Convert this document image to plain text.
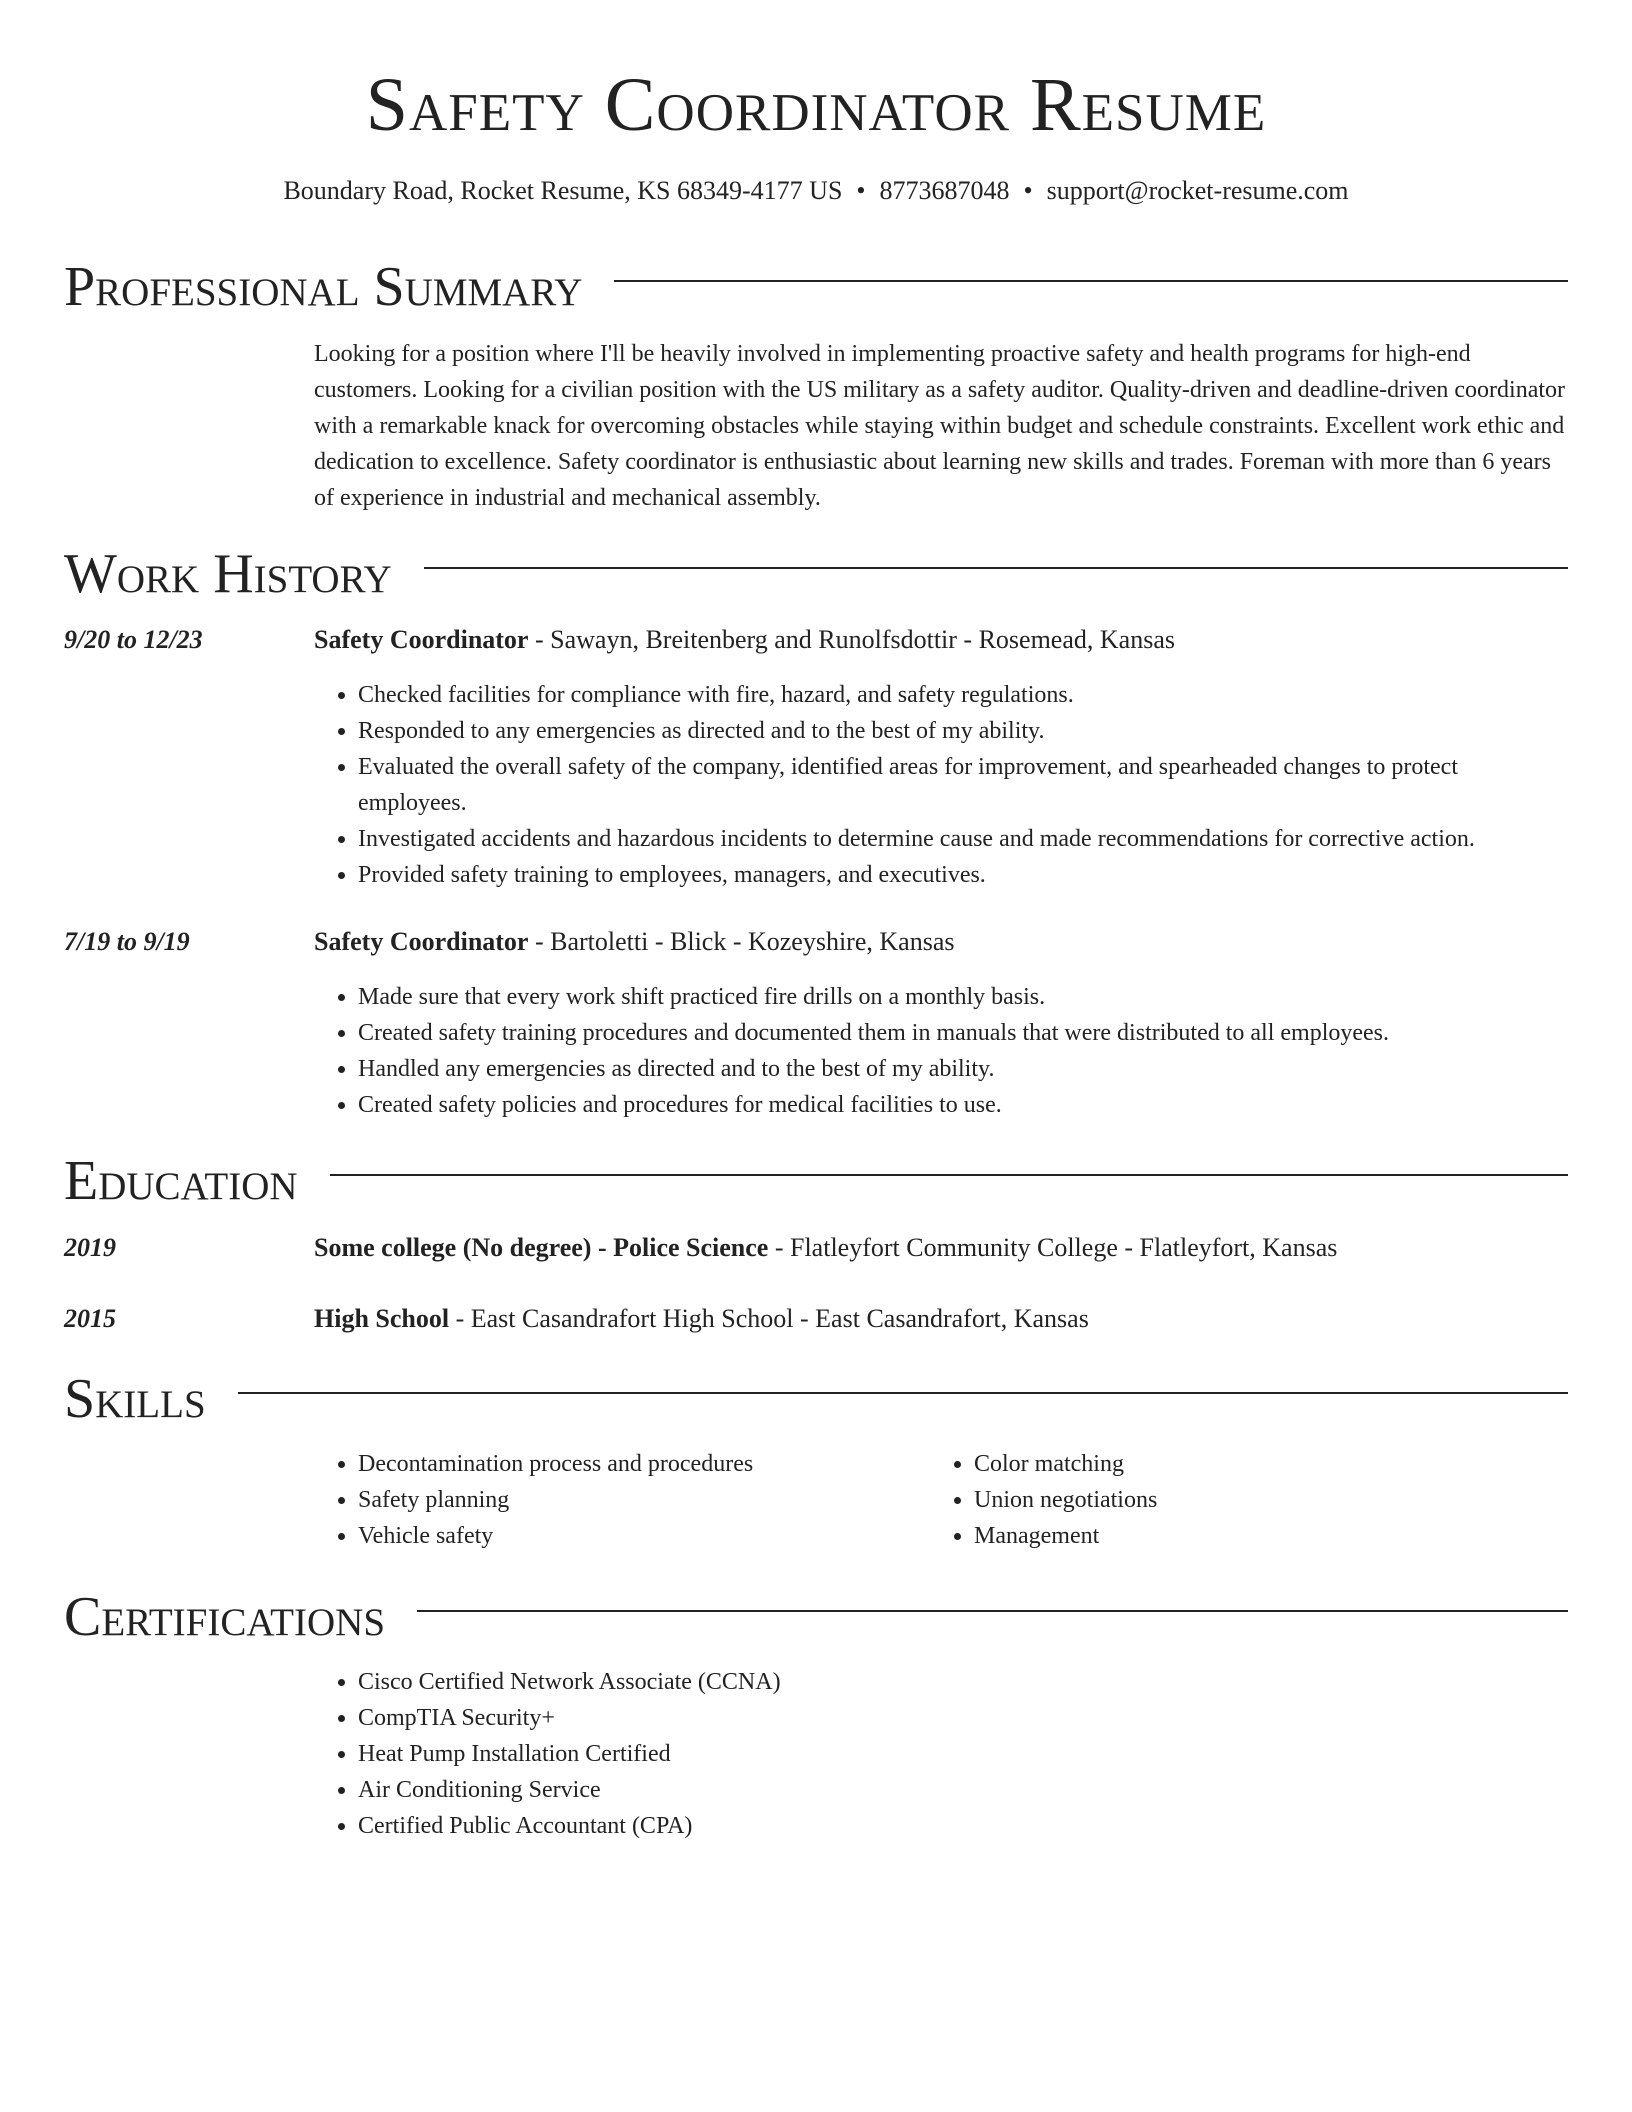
Safety Coordinator Resume
Boundary Road, Rocket Resume, KS 68349-4177 US • 8773687048 • support@rocket-resume.com
Professional Summary
Looking for a position where I'll be heavily involved in implementing proactive safety and health programs for high-end customers. Looking for a civilian position with the US military as a safety auditor. Quality-driven and deadline-driven coordinator with a remarkable knack for overcoming obstacles while staying within budget and schedule constraints. Excellent work ethic and dedication to excellence. Safety coordinator is enthusiastic about learning new skills and trades. Foreman with more than 6 years of experience in industrial and mechanical assembly.
Work History
9/20 to 12/23	Safety Coordinator - Sawayn, Breitenberg and Runolfsdottir - Rosemead, Kansas
• Checked facilities for compliance with fire, hazard, and safety regulations.
• Responded to any emergencies as directed and to the best of my ability.
• Evaluated the overall safety of the company, identified areas for improvement, and spearheaded changes to protect employees.
• Investigated accidents and hazardous incidents to determine cause and made recommendations for corrective action.
• Provided safety training to employees, managers, and executives.
7/19 to 9/19	Safety Coordinator - Bartoletti - Blick - Kozeyshire, Kansas
• Made sure that every work shift practiced fire drills on a monthly basis.
• Created safety training procedures and documented them in manuals that were distributed to all employees.
• Handled any emergencies as directed and to the best of my ability.
• Created safety policies and procedures for medical facilities to use.
Education
2019	Some college (No degree) - Police Science - Flatleyfort Community College - Flatleyfort, Kansas
2015	High School - East Casandrafort High School - East Casandrafort, Kansas
Skills
• Decontamination process and procedures
• Safety planning
• Vehicle safety
• Color matching
• Union negotiations
• Management
Certifications
• Cisco Certified Network Associate (CCNA)
• CompTIA Security+
• Heat Pump Installation Certified
• Air Conditioning Service
• Certified Public Accountant (CPA)
